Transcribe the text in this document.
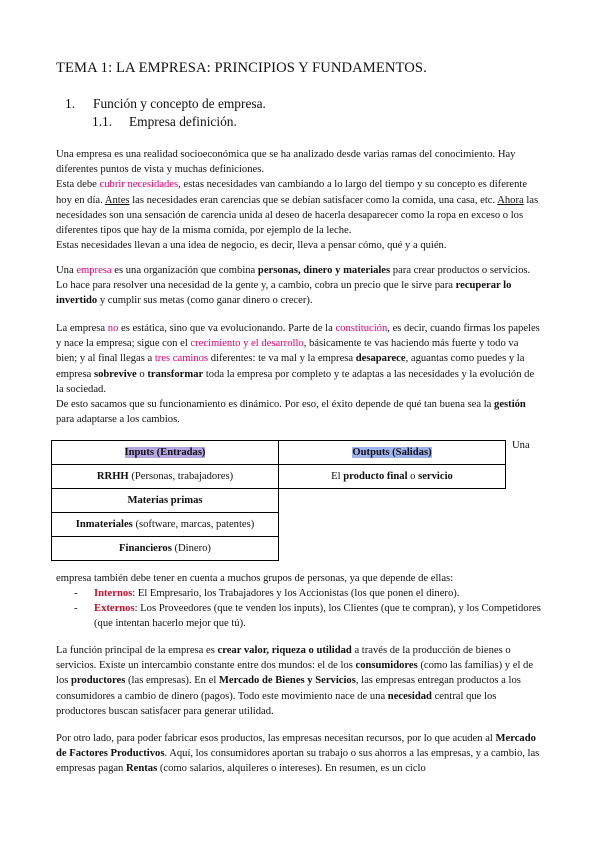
TEMA 1: LA EMPRESA: PRINCIPIOS Y FUNDAMENTOS.
1. Función y concepto de empresa.
1.1. Empresa definición.

Una empresa es una realidad socioeconómica que se ha analizado desde varias ramas del conocimiento. Hay diferentes puntos de vista y muchas definiciones.

Esta debe cubrir necesidades, estas necesidades van cambiando a lo largo del tiempo y su concepto es diferente hoy en día. Antes las necesidades eran carencias que se debían satisfacer como la comida, una casa, etc. Ahora las necesidades son una sensación de carencia unida al deseo de hacerla desaparecer como la ropa en exceso o los diferentes tipos que hay de la misma comida, por ejemplo de la leche.

Estas necesidades llevan a una idea de negocio, es decir, lleva a pensar cómo, qué y a quién.

Una empresa es una organización que combina personas, dinero y materiales para crear productos o servicios. Lo hace para resolver una necesidad de la gente y, a cambio, cobra un precio que le sirve para recuperar lo invertido y cumplir sus metas (como ganar dinero o crecer).

La empresa no es estática, sino que va evolucionando. Parte de la constitución, es decir, cuando firmas los papeles y nace la empresa; sigue con el crecimiento y el desarrollo, básicamente te vas haciendo más fuerte y todo va bien; y al final llegas a tres caminos diferentes: te va mal y la empresa desaparece, aguantas como puedes y la empresa sobrevive o transformar toda la empresa por completo y te adaptas a las necesidades y la evolución de la sociedad.

De esto sacamos que su funcionamiento es dinámico. Por eso, el éxito depende de qué tan buena sea la gestión para adaptarse a los cambios.

Inputs (Entradas)	Outputs (Salidas)
RRHH (Personas, trabajadores)	El producto final o servicio
Materias primas	
Inmateriales (software, marcas, patentes)	
Financieros (Dinero)	
Una
empresa también debe tener en cuenta a muchos grupos de personas, ya que depende de ellas:
- Internos: El Empresario, los Trabajadores y los Accionistas (los que ponen el dinero).
- Externos: Los Proveedores (que te venden los inputs), los Clientes (que te compran), y los Competidores (que intentan hacerlo mejor que tú).

La función principal de la empresa es crear valor, riqueza o utilidad a través de la producción de bienes o servicios. Existe un intercambio constante entre dos mundos: el de los consumidores (como las familias) y el de los productores (las empresas). En el Mercado de Bienes y Servicios, las empresas entregan productos a los consumidores a cambio de dinero (pagos). Todo este movimiento nace de una necesidad central que los productores buscan satisfacer para generar utilidad.

Por otro lado, para poder fabricar esos productos, las empresas necesitan recursos, por lo que acuden al Mercado de Factores Productivos. Aquí, los consumidores aportan su trabajo o sus ahorros a las empresas, y a cambio, las empresas pagan Rentas (como salarios, alquileres o intereses). En resumen, es un ciclo
